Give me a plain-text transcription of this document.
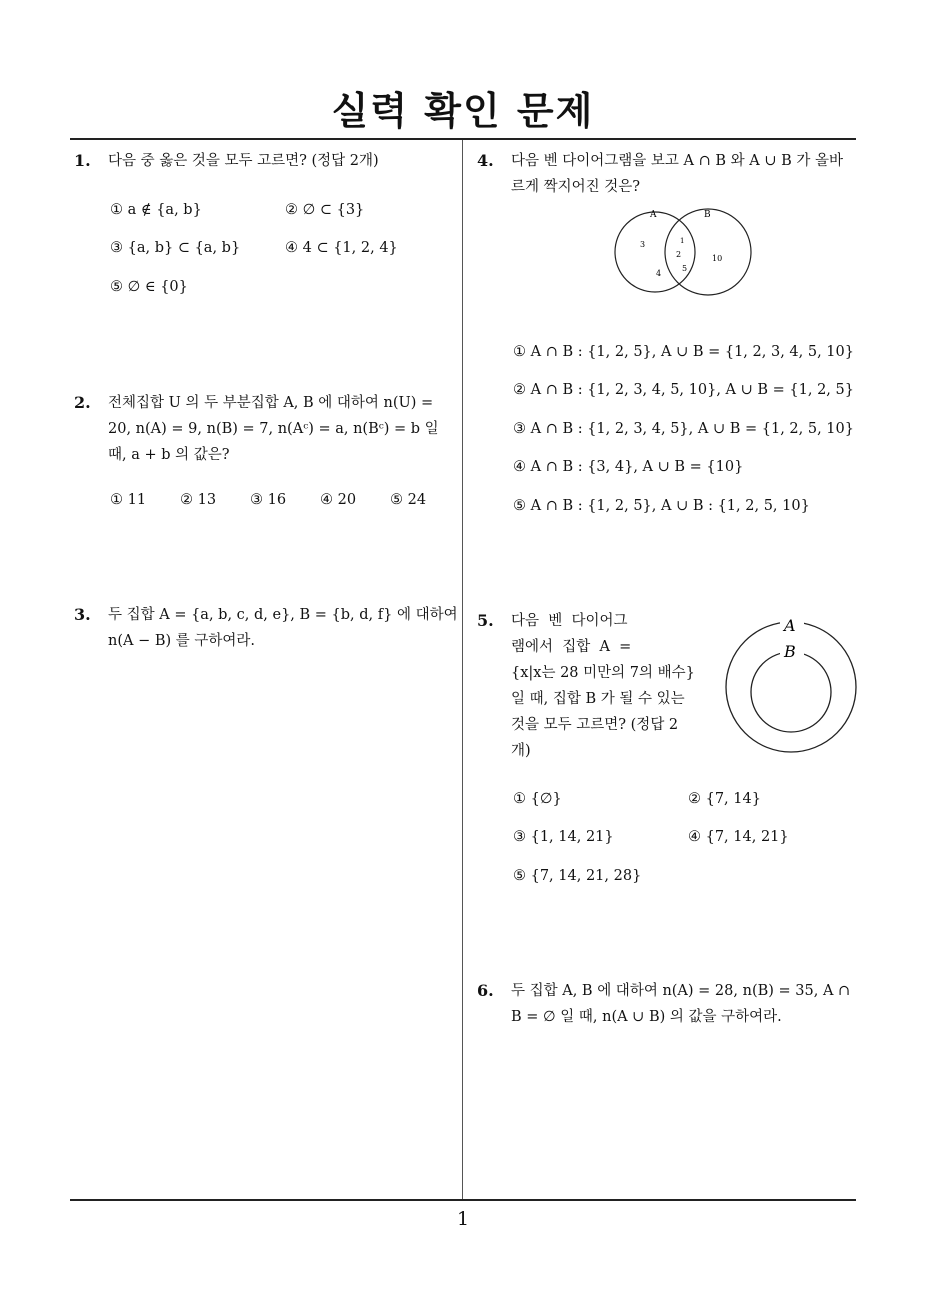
실력 확인 문제
1
1. 다음 중 옳은 것을 모두 고르면? (정답 2개)
① a ∉ {a, b}	② ∅ ⊂ {3}
③ {a, b} ⊂ {a, b}	④ 4 ⊂ {1, 2, 4}
⑤ ∅ ∈ {0}
2. 전체집합 U 의 두 부분집합 A, B 에 대하여 n(U) =

20, n(A) = 9, n(B) = 7, n(Aᶜ) = a, n(Bᶜ) = b 일

때, a + b 의 값은?

① 11 ② 13 ③ 16 ④ 20 ⑤ 24
3. 두 집합 A = {a, b, c, d, e}, B = {b, d, f} 에 대하여

n(A − B) 를 구하여라.

4. 다음 벤 다이어그램을 보고 A ∩ B 와 A ∪ B 가 올바

르게 짝지어진 것은?

A	B
3
4
1
2
5
10
① A ∩ B : {1, 2, 5}, A ∪ B = {1, 2, 3, 4, 5, 10}
② A ∩ B : {1, 2, 3, 4, 5, 10}, A ∪ B = {1, 2, 5}
③ A ∩ B : {1, 2, 3, 4, 5}, A ∪ B = {1, 2, 5, 10}
④ A ∩ B : {3, 4}, A ∪ B = {10}
⑤ A ∩ B : {1, 2, 5}, A ∪ B : {1, 2, 5, 10}
5. 다음  벤  다이어그

램에서  집합  A  =

{x|x는 28 미만의 7의 배수}

일 때, 집합 B 가 될 수 있는

것을 모두 고르면? (정답 2

개)

A
B
① {∅}	② {7, 14}
③ {1, 14, 21}	④ {7, 14, 21}
⑤ {7, 14, 21, 28}
6. 두 집합 A, B 에 대하여 n(A) = 28, n(B) = 35, A ∩

B = ∅ 일 때, n(A ∪ B) 의 값을 구하여라.
